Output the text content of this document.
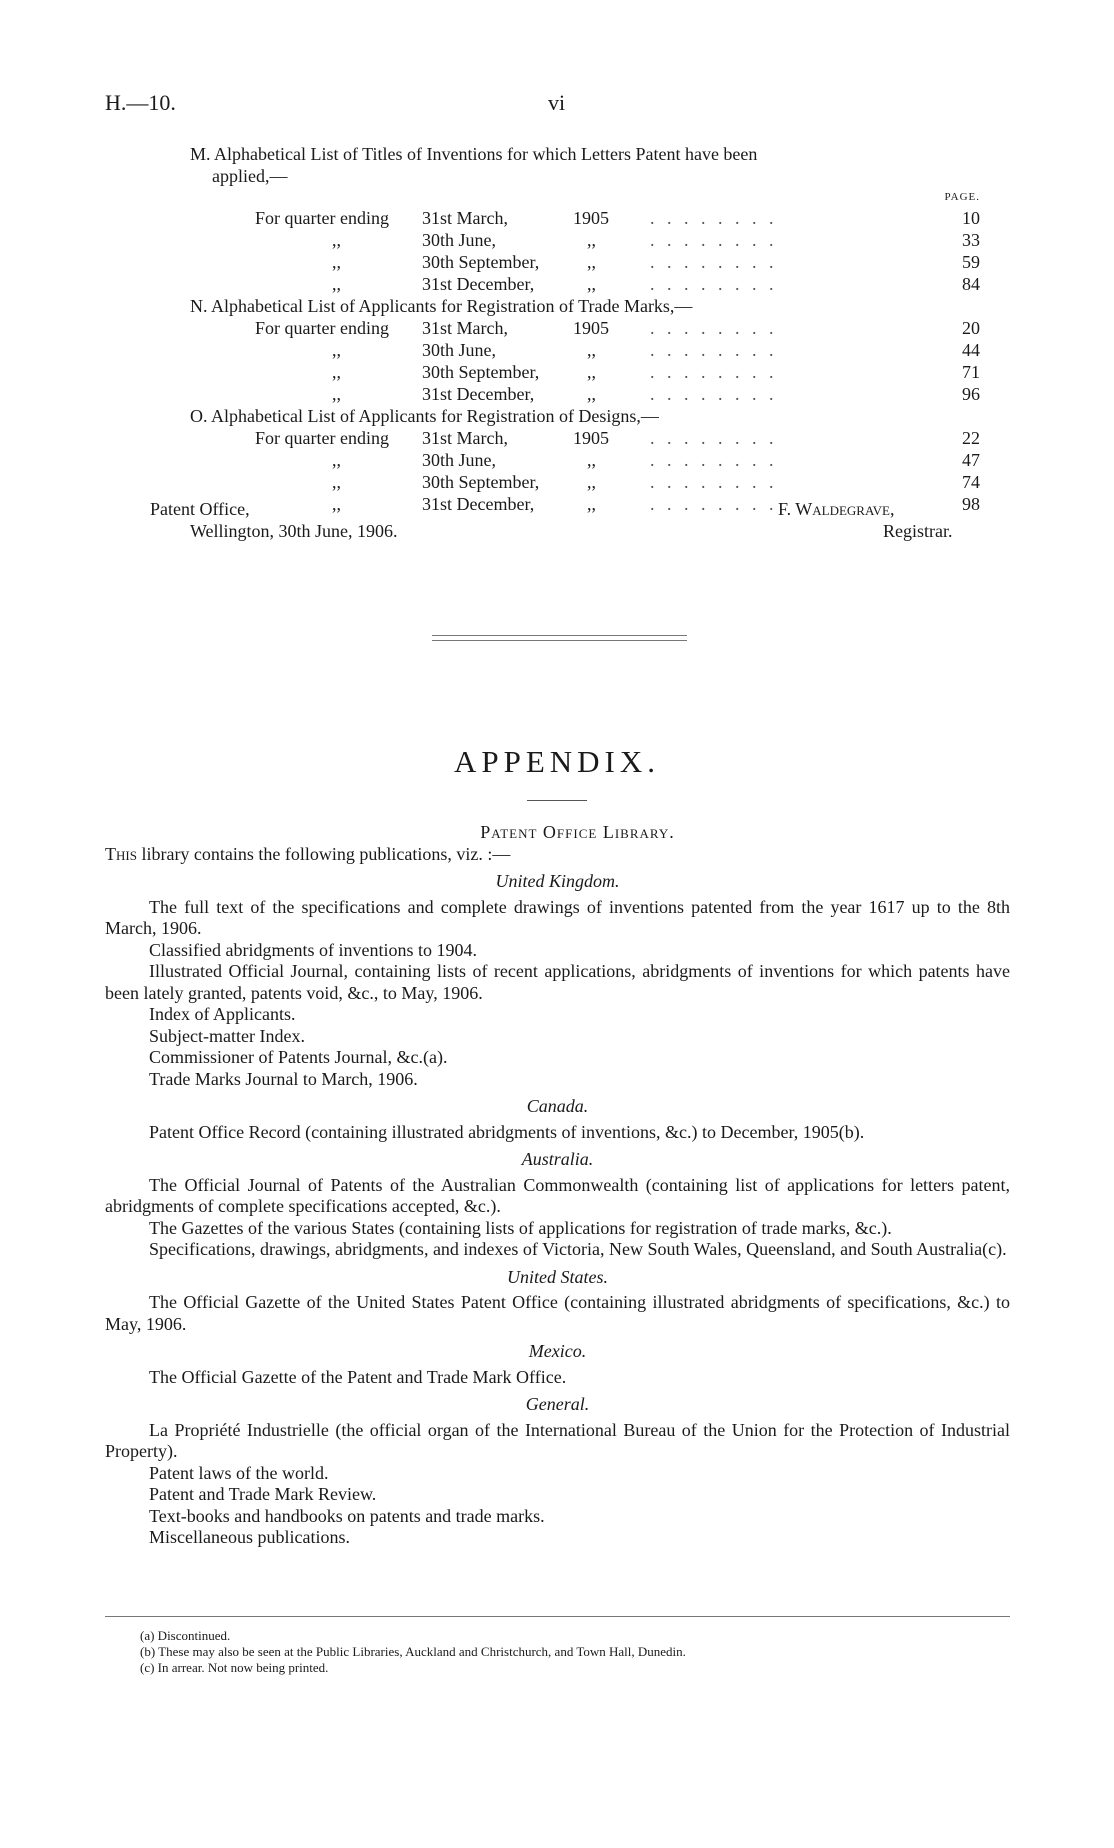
H.—10.	vi
M. Alphabetical List of Titles of Inventions for which Letters Patent have been
applied,—
PAGE.
For quarter ending 31st March,	1905 . . . . . . . .	10
,,	30th June,	,,	. . . . . . . .	33
,,	30th September,	,,	. . . . . . . .	59
,,	31st December,	,,	. . . . . . . .	84
N. Alphabetical List of Applicants for Registration of Trade Marks,—
For quarter ending 31st March,	1905 . . . . . . . .	20
,,	30th June,	,,	. . . . . . . .	44
,,	30th September,	,,	. . . . . . . .	71
,,	31st December,	,,	. . . . . . . .	96
O. Alphabetical List of Applicants for Registration of Designs,—
For quarter ending 31st March,	1905 . . . . . . . .	22
,,	30th June,	,,	. . . . . . . .	47
,,	30th September,	,,	. . . . . . . .	74
,,	31st December,	,,	. . . . . . . .	98
Patent Office,
Wellington, 30th June, 1906.
F. Waldegrave,
Registrar.
APPENDIX.
Patent Office Library.

This library contains the following publications, viz. :—

United Kingdom.

The full text of the specifications and complete drawings of inventions patented from the year 1617 up to the 8th March, 1906.

Classified abridgments of inventions to 1904.

Illustrated Official Journal, containing lists of recent applications, abridgments of inventions for which patents have been lately granted, patents void, &c., to May, 1906.

Index of Applicants.

Subject-matter Index.

Commissioner of Patents Journal, &c.(a).

Trade Marks Journal to March, 1906.

Canada.

Patent Office Record (containing illustrated abridgments of inventions, &c.) to December, 1905(b).

Australia.

The Official Journal of Patents of the Australian Commonwealth (containing list of applications for letters patent, abridgments of complete specifications accepted, &c.).

The Gazettes of the various States (containing lists of applications for registration of trade marks, &c.).

Specifications, drawings, abridgments, and indexes of Victoria, New South Wales, Queensland, and South Australia(c).

United States.

The Official Gazette of the United States Patent Office (containing illustrated abridgments of specifications, &c.) to May, 1906.

Mexico.

The Official Gazette of the Patent and Trade Mark Office.

General.

La Propriété Industrielle (the official organ of the International Bureau of the Union for the Protection of Industrial Property).

Patent laws of the world.

Patent and Trade Mark Review.

Text-books and handbooks on patents and trade marks.

Miscellaneous publications.

(a) Discontinued.
(b) These may also be seen at the Public Libraries, Auckland and Christchurch, and Town Hall, Dunedin.
(c) In arrear. Not now being printed.
